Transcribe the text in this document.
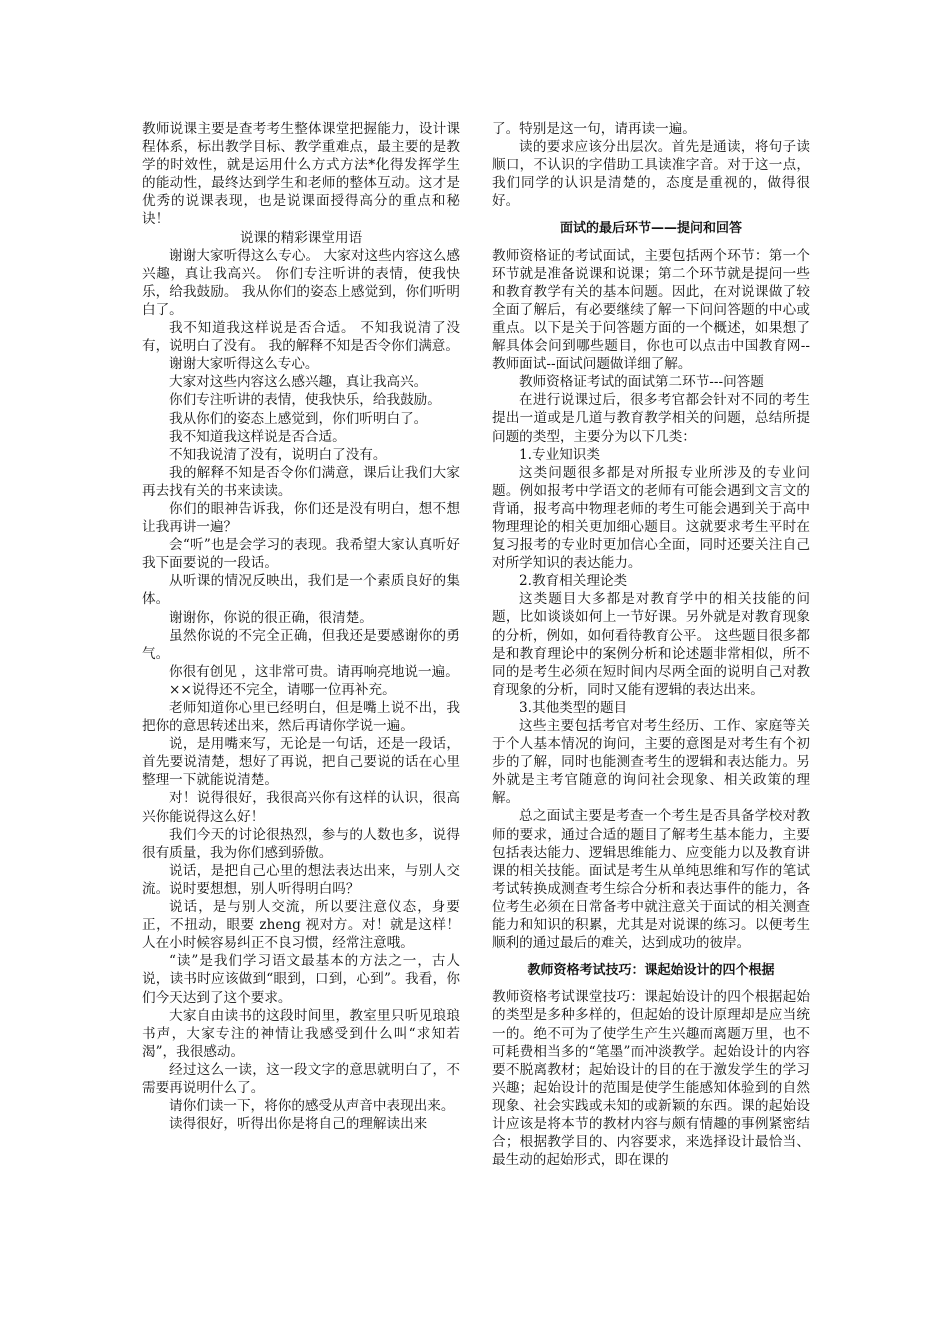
教师说课主要是查考考生整体课堂把握能力，设计课程体系，标出教学目标、教学重难点，最主要的是教学的时效性，就是运用什么方式方法*化得发挥学生的能动性，最终达到学生和老师的整体互动。这才是优秀的说课表现，也是说课面授得高分的重点和秘诀！

说课的精彩课堂用语

谢谢大家听得这么专心。 大家对这些内容这么感兴趣，真让我高兴。 你们专注听讲的表情，使我快乐，给我鼓励。 我从你们的姿态上感觉到，你们听明白了。

我不知道我这样说是否合适。 不知我说清了没有，说明白了没有。 我的解释不知是否令你们满意。

谢谢大家听得这么专心。

大家对这些内容这么感兴趣，真让我高兴。

你们专注听讲的表情，使我快乐，给我鼓励。

我从你们的姿态上感觉到，你们听明白了。

我不知道我这样说是否合适。

不知我说清了没有，说明白了没有。

我的解释不知是否令你们满意，课后让我们大家再去找有关的书来读读。

你们的眼神告诉我，你们还是没有明白，想不想让我再讲一遍？

会“听”也是会学习的表现。我希望大家认真听好我下面要说的一段话。

从听课的情况反映出，我们是一个素质良好的集体。

谢谢你，你说的很正确，很清楚。

虽然你说的不完全正确，但我还是要感谢你的勇气。

你很有创见 ，这非常可贵。请再响亮地说一遍。

××说得还不完全，请哪一位再补充。

老师知道你心里已经明白，但是嘴上说不出，我把你的意思转述出来，然后再请你学说一遍。

说，是用嘴来写，无论是一句话，还是一段话，首先要说清楚，想好了再说，把自己要说的话在心里整理一下就能说清楚。

对！说得很好，我很高兴你有这样的认识，很高兴你能说得这么好！

我们今天的讨论很热烈，参与的人数也多，说得很有质量，我为你们感到骄傲。

说话，是把自己心里的想法表达出来，与别人交流。说时要想想，别人听得明白吗？

说话，是与别人交流，所以要注意仪态，身要正，不扭动，眼要 zheng 视对方。对！就是这样！人在小时候容易纠正不良习惯，经常注意哦。

“读”是我们学习语文最基本的方法之一，古人说，读书时应该做到“眼到，口到，心到”。我看，你们今天达到了这个要求。

大家自由读书的这段时间里，教室里只听见琅琅书声，大家专注的神情让我感受到什么叫“求知若渴”，我很感动。

经过这么一读，这一段文字的意思就明白了，不需要再说明什么了。

请你们读一下，将你的感受从声音中表现出来。

读得很好，听得出你是将自己的理解读出来

了。特别是这一句，请再读一遍。

读的要求应该分出层次。首先是通读，将句子读顺口，不认识的字借助工具读准字音。对于这一点，我们同学的认识是清楚的，态度是重视的，做得很好。

面试的最后环节——提问和回答

教师资格证的考试面试，主要包括两个环节：第一个环节就是准备说课和说课；第二个环节就是提问一些和教育教学有关的基本问题。因此，在对说课做了较全面了解后，有必要继续了解一下问问答题的中心或重点。以下是关于问答题方面的一个概述，如果想了解具体会问到哪些题目，你也可以点击中国教育网--教师面试--面试问题做详细了解。

教师资格证考试的面试第二环节---问答题

在进行说课过后，很多考官都会针对不同的考生提出一道或是几道与教育教学相关的问题，总结所提问题的类型，主要分为以下几类：

1.专业知识类

这类问题很多都是对所报专业所涉及的专业问题。例如报考中学语文的老师有可能会遇到文言文的背诵，报考高中物理老师的考生可能会遇到关于高中物理理论的相关更加细心题目。这就要求考生平时在复习报考的专业时更加信心全面，同时还要关注自己对所学知识的表达能力。

2.教育相关理论类

这类题目大多都是对教育学中的相关技能的问题，比如谈谈如何上一节好课。另外就是对教育现象的分析，例如，如何看待教育公平。 这些题目很多都是和教育理论中的案例分析和论述题非常相似，所不同的是考生必须在短时间内尽两全面的说明自己对教育现象的分析，同时又能有逻辑的表达出来。

3.其他类型的题目

这些主要包括考官对考生经历、工作、家庭等关于个人基本情况的询问，主要的意图是对考生有个初步的了解，同时也能测查考生的逻辑和表达能力。另外就是主考官随意的询问社会现象、相关政策的理解。

总之面试主要是考查一个考生是否具备学校对教师的要求，通过合适的题目了解考生基本能力，主要包括表达能力、逻辑思维能力、应变能力以及教育讲课的相关技能。面试是考生从单纯思维和写作的笔试考试转换成测查考生综合分析和表达事件的能力，各位考生必须在日常备考中就注意关于面试的相关测查能力和知识的积累，尤其是对说课的练习。以便考生顺利的通过最后的难关，达到成功的彼岸。

教师资格考试技巧：课起始设计的四个根据

教师资格考试课堂技巧：课起始设计的四个根据起始的类型是多种多样的，但起始的设计原理却是应当统一的。绝不可为了使学生产生兴趣而离题万里，也不可耗费相当多的“笔墨”而冲淡教学。起始设计的内容要不脱离教材；起始设计的目的在于激发学生的学习兴趣；起始设计的范围是使学生能感知体验到的自然现象、社会实践或未知的或新颖的东西。课的起始设计应该是将本节的教材内容与颇有情趣的事例紧密结合；根据教学目的、内容要求，来选择设计最恰当、最生动的起始形式，即在课的
